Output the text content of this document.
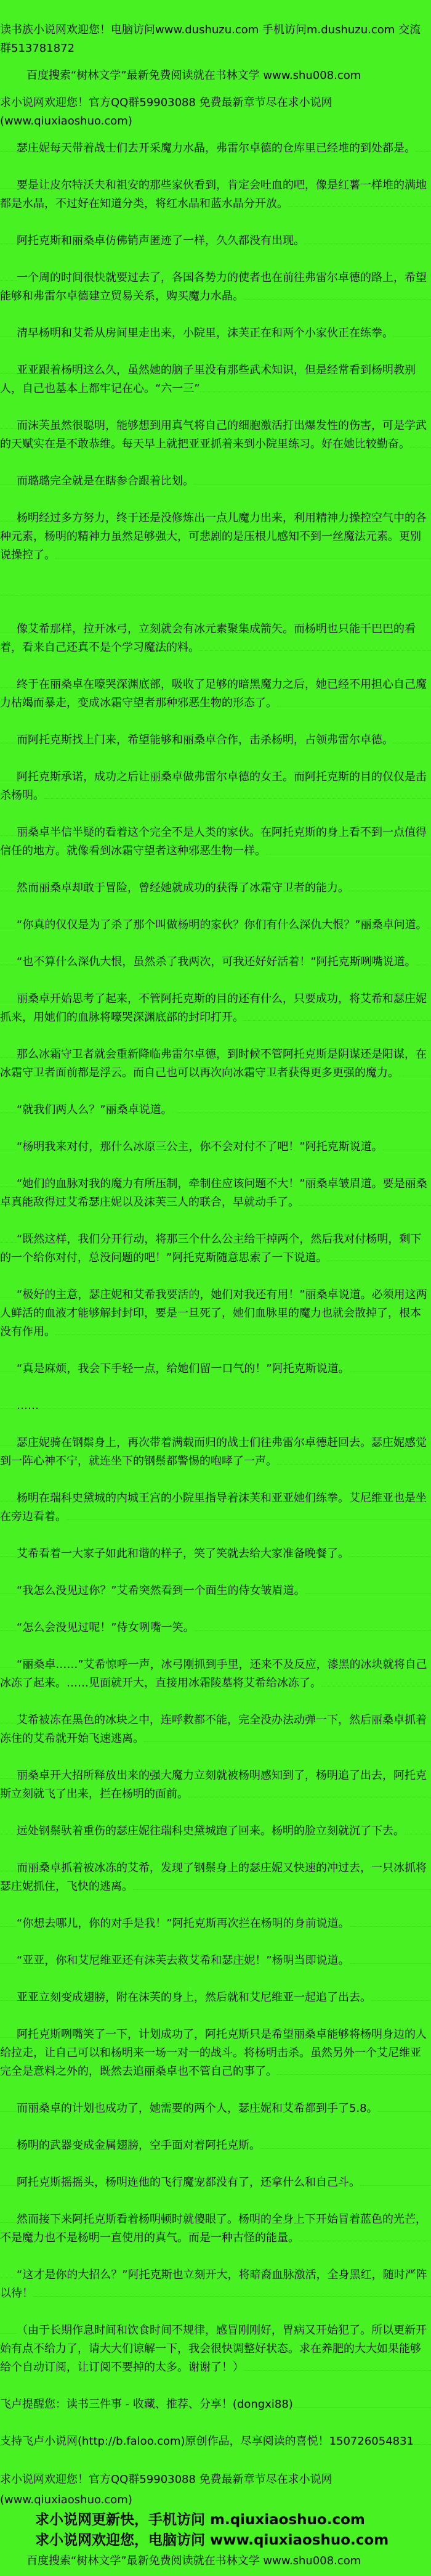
读书族小说网欢迎您！电脑访问www.dushuzu.com 手机访问m.dushuzu.com 交流群513781872

百度搜索“树林文学”最新免费阅读就在书林文学 www.shu008.com

求小说网欢迎您！官方QQ群59903088 免费最新章节尽在求小说网(www.qiuxiaoshuo.com)

瑟庄妮每天带着战士们去开采魔力水晶，弗雷尔卓德的仓库里已经堆的到处都是。

要是让皮尔特沃夫和祖安的那些家伙看到，肯定会吐血的吧，像是红薯一样堆的满地都是水晶，不过好在知道分类，将红水晶和蓝水晶分开放。

阿托克斯和丽桑卓仿佛销声匿迹了一样，久久都没有出现。

一个周的时间很快就要过去了，各国各势力的使者也在前往弗雷尔卓德的路上，希望能够和弗雷尔卓德建立贸易关系，购买魔力水晶。

清早杨明和艾希从房间里走出来，小院里，沫芙正在和两个小家伙正在练拳。

亚亚跟着杨明这么久，虽然她的脑子里没有那些武术知识，但是经常看到杨明教别人，自己也基本上都牢记在心。“六一三”

而沫芙虽然很聪明，能够想到用真气将自己的细胞激活打出爆发性的伤害，可是学武的天赋实在是不敢恭维。每天早上就把亚亚抓着来到小院里练习。好在她比较勤奋。

而璐璐完全就是在瞎参合跟着比划。

杨明经过多方努力，终于还是没修炼出一点儿魔力出来，利用精神力操控空气中的各种元素，杨明的精神力虽然足够强大，可悲剧的是压根儿感知不到一丝魔法元素。更别说操控了。

像艾希那样，拉开冰弓，立刻就会有冰元素聚集成箭矢。而杨明也只能干巴巴的看着，看来自己还真不是个学习魔法的料。

终于在丽桑卓在嚎哭深渊底部，吸收了足够的暗黑魔力之后，她已经不用担心自己魔力枯竭而暴走，变成冰霜守望者那种邪恶生物的形态了。

而阿托克斯找上门来，希望能够和丽桑卓合作，击杀杨明，占领弗雷尔卓德。

阿托克斯承诺，成功之后让丽桑卓做弗雷尔卓德的女王。而阿托克斯的目的仅仅是击杀杨明。

丽桑卓半信半疑的看着这个完全不是人类的家伙。在阿托克斯的身上看不到一点值得信任的地方。就像看到冰霜守望者这种邪恶生物一样。

然而丽桑卓却敢于冒险，曾经她就成功的获得了冰霜守卫者的能力。

“你真的仅仅是为了杀了那个叫做杨明的家伙？你们有什么深仇大恨？”丽桑卓问道。

“也不算什么深仇大恨，虽然杀了我两次，可我还好好活着！”阿托克斯咧嘴说道。

丽桑卓开始思考了起来，不管阿托克斯的目的还有什么，只要成功，将艾希和瑟庄妮抓来，用她们的血脉将嚎哭深渊底部的封印打开。

那么冰霜守卫者就会重新降临弗雷尔卓德，到时候不管阿托克斯是阴谋还是阳谋，在冰霜守卫者面前都是浮云。而自己也可以再次向冰霜守卫者获得更多更强的魔力。

“就我们两人么？”丽桑卓说道。

“杨明我来对付，那什么冰原三公主，你不会对付不了吧！”阿托克斯说道。

“她们的血脉对我的魔力有所压制，牵制住应该问题不大！”丽桑卓皱眉道。要是丽桑卓真能敌得过艾希瑟庄妮以及沫芙三人的联合，早就动手了。

“既然这样，我们分开行动，将那三个什么公主给干掉两个，然后我对付杨明，剩下的一个给你对付，总没问题的吧！”阿托克斯随意思索了一下说道。

“极好的主意，瑟庄妮和艾希我要活的，她们对我还有用！”丽桑卓说道。必须用这两人鲜活的血液才能够解封封印，要是一旦死了，她们血脉里的魔力也就会散掉了，根本没有作用。

“真是麻烦，我会下手轻一点，给她们留一口气的！”阿托克斯说道。

……

瑟庄妮骑在钢鬃身上，再次带着满载而归的战士们往弗雷尔卓德赶回去。瑟庄妮感觉到一阵心神不宁，就连坐下的钢鬃都警惕的咆哮了一声。

杨明在瑞科史黛城的内城王宫的小院里指导着沫芙和亚亚她们练拳。艾尼维亚也是坐在旁边看着。

艾希看着一大家子如此和谐的样子，笑了笑就去给大家准备晚餐了。

“我怎么没见过你？”艾希突然看到一个面生的侍女皱眉道。

“怎么会没见过呢！”侍女咧嘴一笑。

“丽桑卓……”艾希惊呼一声，冰弓刚抓到手里，还来不及反应，漆黑的冰块就将自己冰冻了起来。……见面就开大，直接用冰霜陵墓将艾希给冰冻了。

艾希被冻在黑色的冰块之中，连呼救都不能，完全没办法动弹一下，然后丽桑卓抓着冻住的艾希就开始飞速逃离。

丽桑卓开大招所释放出来的强大魔力立刻就被杨明感知到了，杨明追了出去，阿托克斯立刻就飞了出来，拦在杨明的面前。

远处钢鬃驮着重伤的瑟庄妮往瑞科史黛城跑了回来。杨明的脸立刻就沉了下去。

而丽桑卓抓着被冰冻的艾希，发现了钢鬃身上的瑟庄妮又快速的冲过去，一只冰抓将瑟庄妮抓住，飞快的逃离。

“你想去哪儿，你的对手是我！”阿托克斯再次拦在杨明的身前说道。

“亚亚，你和艾尼维亚还有沫芙去救艾希和瑟庄妮！”杨明当即说道。

亚亚立刻变成翅膀，附在沫芙的身上，然后就和艾尼维亚一起追了出去。

阿托克斯咧嘴笑了一下，计划成功了，阿托克斯只是希望丽桑卓能够将杨明身边的人给拉走，让自己可以和杨明来一场一对一的战斗。将杨明击杀。虽然另外一个艾尼维亚完全是意料之外的，既然去追丽桑卓也不管自己的事了。

而丽桑卓的计划也成功了，她需要的两个人，瑟庄妮和艾希都到手了5.8。

杨明的武器变成金属翅膀，空手面对着阿托克斯。

阿托克斯摇摇头，杨明连他的飞行魔宠都没有了，还拿什么和自己斗。

然而接下来阿托克斯看着杨明顿时就傻眼了。杨明的全身上下开始冒着蓝色的光芒，不是魔力也不是杨明一直使用的真气。而是一种古怪的能量。

“这才是你的大招么？”阿托克斯也立刻开大，将暗裔血脉激活，全身黑红，随时严阵以待！

（由于长期作息时间和饮食时间不规律，感冒刚刚好，胃病又开始犯了。所以更新开始有点不给力了，请大大们谅解一下，我会很快调整好状态。求在养肥的大大如果能够给个自动订阅，让订阅不要掉的太多。谢谢了！）

飞卢提醒您：读书三件事 - 收藏、推荐、分享！(dongxi88)

支持飞卢小说网(http://b.faloo.com)原创作品，尽享阅读的喜悦！150726054831

求小说网欢迎您！官方QQ群59903088 免费最新章节尽在求小说网(www.qiuxiaoshuo.com)

求小说网更新快，手机访问 m.qiuxiaoshuo.com

求小说网欢迎您，电脑访问 www.qiuxiaoshuo.com

百度搜索“树林文学”最新免费阅读就在书林文学 www.shu008.com
